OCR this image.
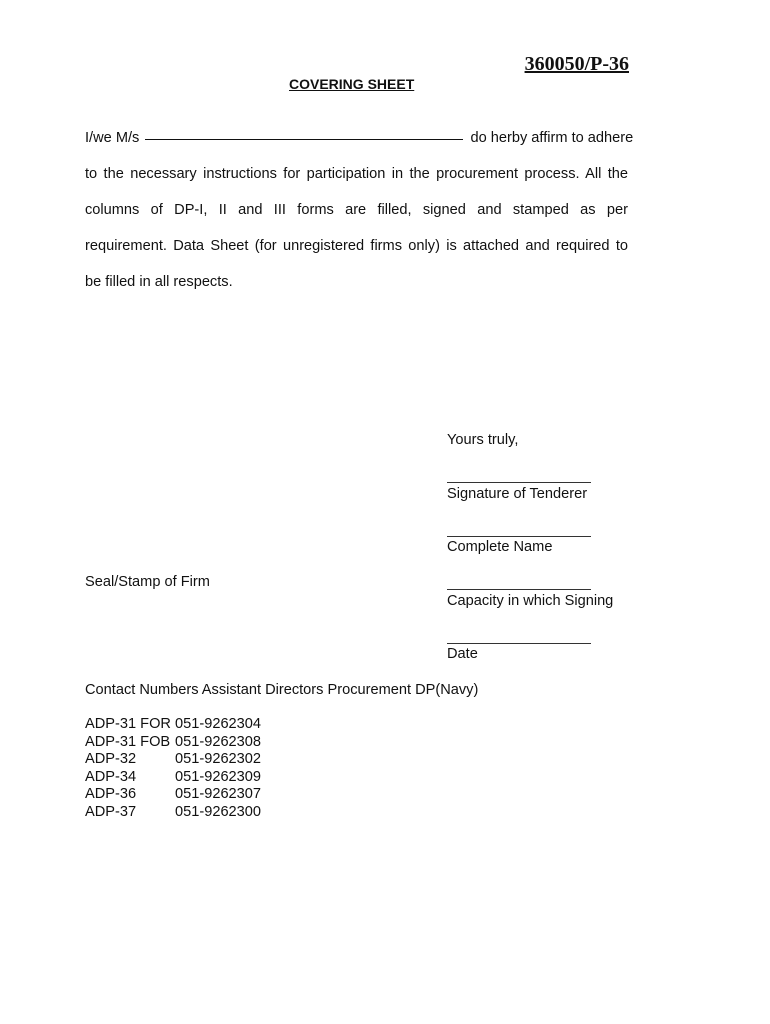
360050/P-36
COVERING SHEET
I/we M/s	do herby affirm to adhere
to the necessary instructions for participation in the procurement process. All the
columns of DP-I, II and III forms are filled, signed and stamped as per
requirement. Data Sheet (for unregistered firms only) is attached and required to
be filled in all respects.
Yours truly,
Signature of Tenderer
Complete Name
Seal/Stamp of Firm
Capacity in which Signing
Date
Contact Numbers Assistant Directors Procurement DP(Navy)
ADP-31 FOR 051-9262304
ADP-31 FOB 051-9262308
ADP-32	051-9262302
ADP-34	051-9262309
ADP-36	051-9262307
ADP-37	051-9262300
